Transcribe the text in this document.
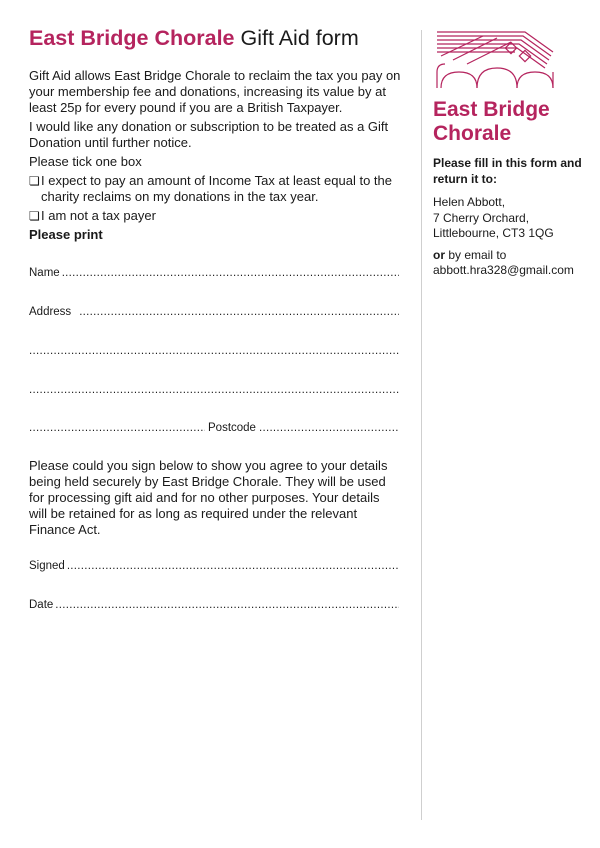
East Bridge Chorale Gift Aid form

Gift Aid allows East Bridge Chorale to reclaim the tax you pay on your membership fee and donations, increasing its value by at least 25p for every pound if you are a British Taxpayer.

I would like any donation or subscription to be treated as a Gift Donation until further notice.

Please tick one box

❏ I expect to pay an amount of Income Tax at least equal to the charity reclaims on my donations in the tax year.
❏ I am not a tax payer

Please print

Name
.....
Address
.....
.....
.....
.....
Postcode
.....

Please could you sign below to show you agree to your details being held securely by East Bridge Chorale. They will be used for processing gift aid and for no other purposes. Your details will be retained for as long as required under the relevant Finance Act.

Signed
.....
Date
.....
East Bridge
Chorale

Please fill in this form and return it to:

Helen Abbott,
7 Cherry Orchard,
Littlebourne, CT3 1QG

or by email to
abbott.hra328@gmail.com
